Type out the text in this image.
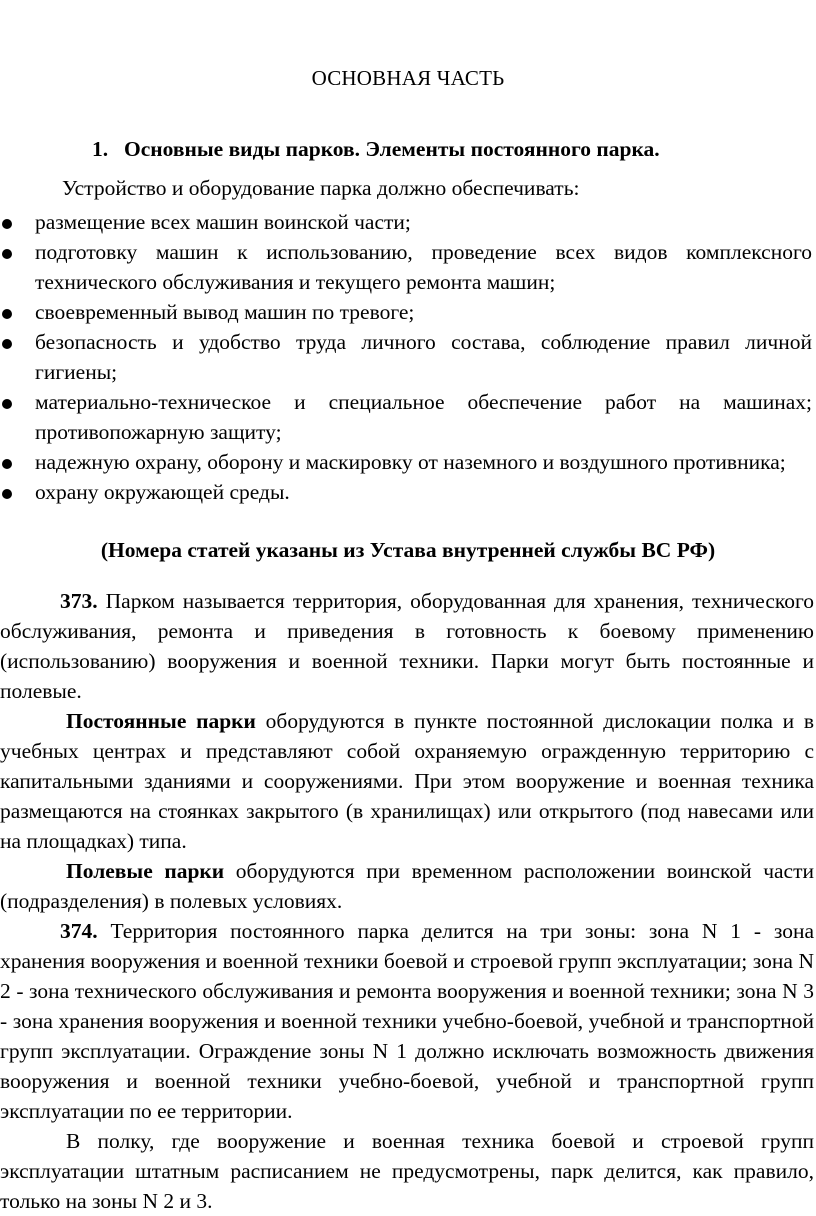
ОСНОВНАЯ ЧАСТЬ
1. Основные виды парков. Элементы постоянного парка.
Устройство и оборудование парка должно обеспечивать:
размещение всех машин воинской части;
подготовку машин к использованию, проведение всех видов комплексного технического обслуживания и текущего ремонта машин;
своевременный вывод машин по тревоге;
безопасность и удобство труда личного состава, соблюдение правил личной гигиены;
материально-техническое и специальное обеспечение работ на машинах; противопожарную защиту;
надежную охрану, оборону и маскировку от наземного и воздушного противника;
охрану окружающей среды.
(Номера статей указаны из Устава внутренней службы ВС РФ)

373. Парком называется территория, оборудованная для хранения, технического обслуживания, ремонта и приведения в готовность к боевому применению (использованию) вооружения и военной техники. Парки могут быть постоянные и полевые.

Постоянные парки оборудуются в пункте постоянной дислокации полка и в учебных центрах и представляют собой охраняемую огражденную территорию с капитальными зданиями и сооружениями. При этом вооружение и военная техника размещаются на стоянках закрытого (в хранилищах) или открытого (под навесами или на площадках) типа.

Полевые парки оборудуются при временном расположении воинской части (подразделения) в полевых условиях.

374. Территория постоянного парка делится на три зоны: зона N 1 - зона хранения вооружения и военной техники боевой и строевой групп эксплуатации; зона N 2 - зона технического обслуживания и ремонта вооружения и военной техники; зона N 3 - зона хранения вооружения и военной техники учебно-боевой, учебной и транспортной групп эксплуатации. Ограждение зоны N 1 должно исключать возможность движения вооружения и военной техники учебно-боевой, учебной и транспортной групп эксплуатации по ее территории.

В полку, где вооружение и военная техника боевой и строевой групп эксплуатации штатным расписанием не предусмотрены, парк делится, как правило, только на зоны N 2 и 3.
